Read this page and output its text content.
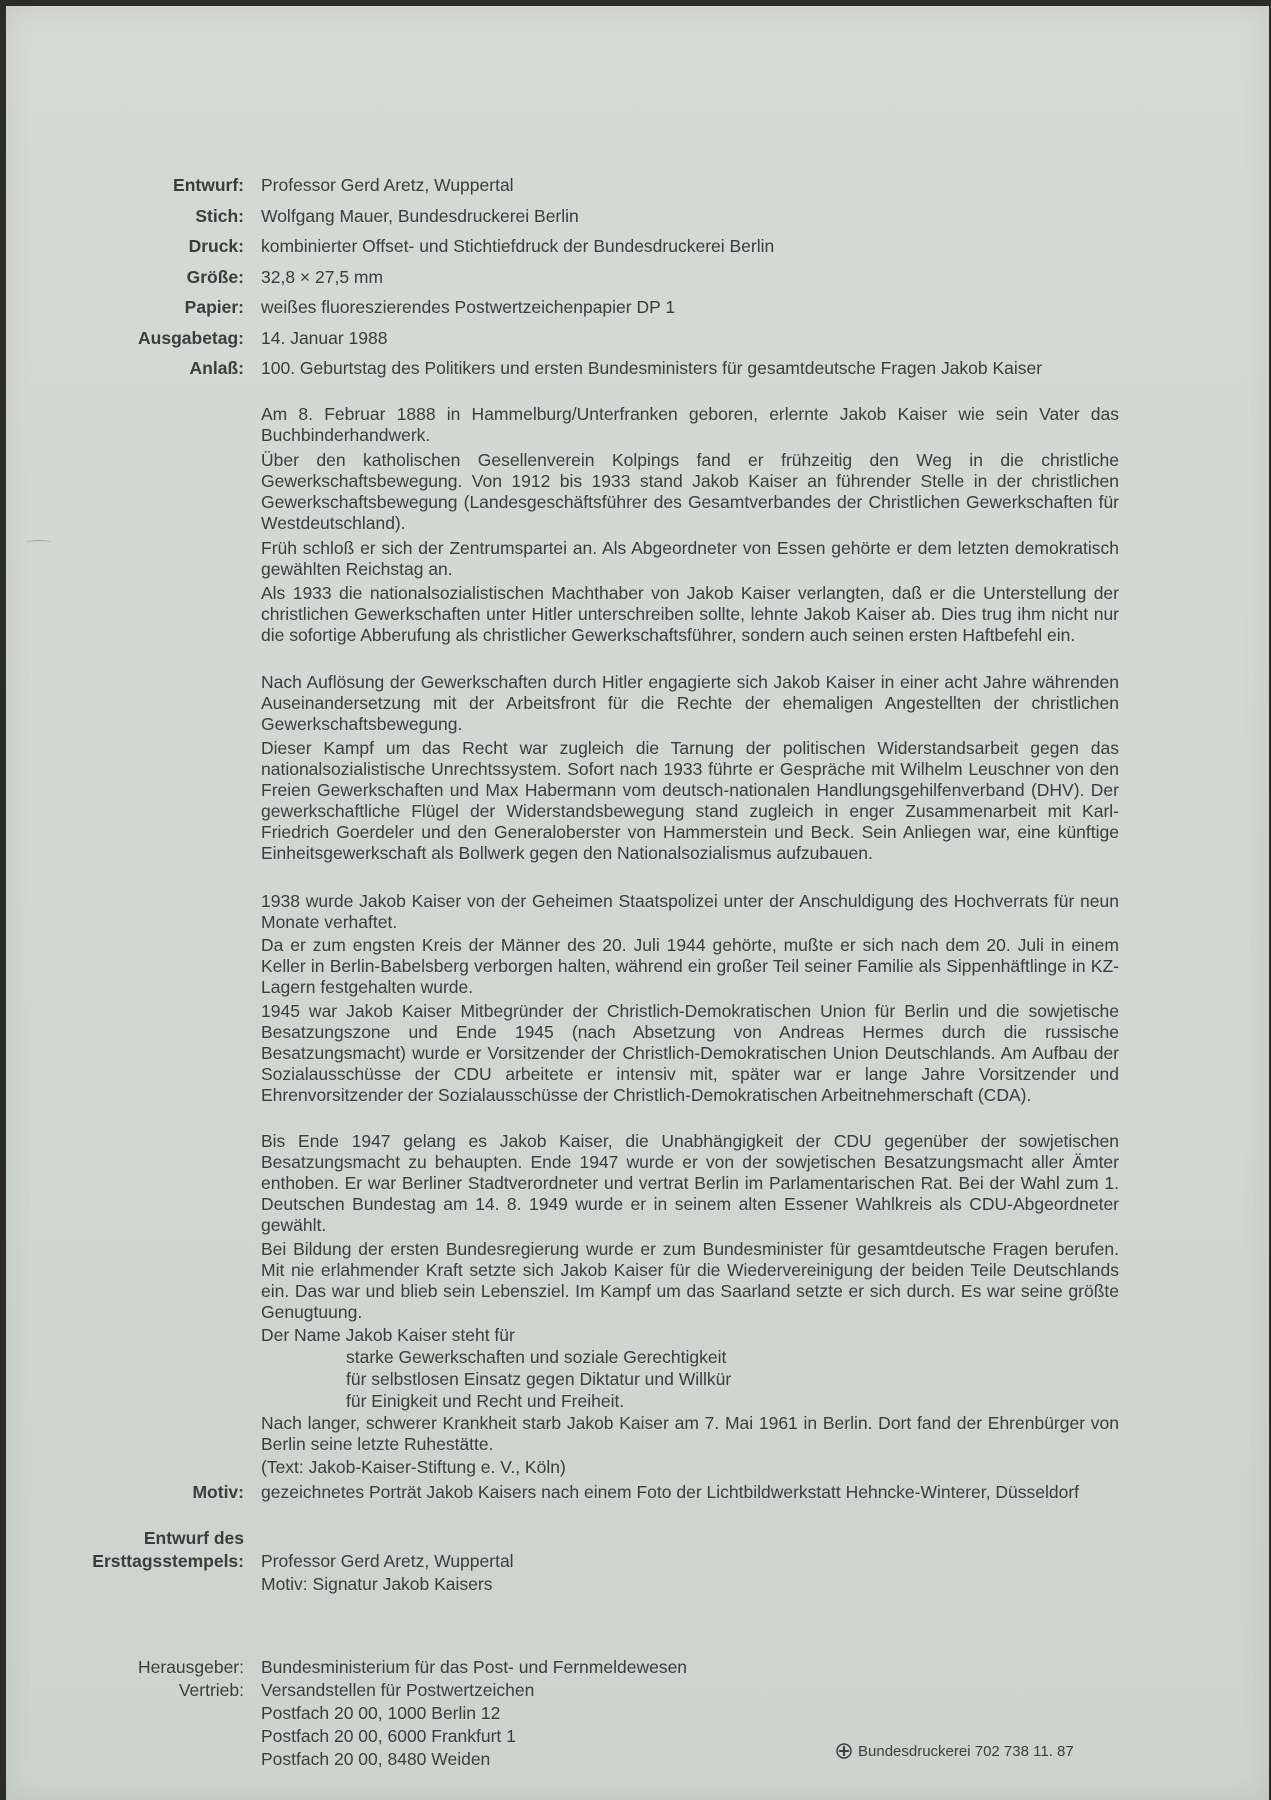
Entwurf: Professor Gerd Aretz, Wuppertal
Stich: Wolfgang Mauer, Bundesdruckerei Berlin
Druck: kombinierter Offset- und Stichtiefdruck der Bundesdruckerei Berlin
Größe: 32,8 × 27,5 mm
Papier: weißes fluoreszierendes Postwertzeichenpapier DP 1
Ausgabetag: 14. Januar 1988
Anlaß: 100. Geburtstag des Politikers und ersten Bundesministers für gesamtdeutsche Fragen Jakob Kaiser
Am 8. Februar 1888 in Hammelburg/Unterfranken geboren, erlernte Jakob Kaiser wie sein Vater das Buchbinderhandwerk.
Über den katholischen Gesellenverein Kolpings fand er frühzeitig den Weg in die christliche Gewerkschaftsbewegung. Von 1912 bis 1933 stand Jakob Kaiser an führender Stelle in der christlichen Gewerkschaftsbewegung (Landesgeschäftsführer des Gesamtverbandes der Christlichen Gewerkschaften für Westdeutschland).
Früh schloß er sich der Zentrumspartei an. Als Abgeordneter von Essen gehörte er dem letzten demokratisch gewählten Reichstag an.
Als 1933 die nationalsozialistischen Machthaber von Jakob Kaiser verlangten, daß er die Unterstellung der christlichen Gewerkschaften unter Hitler unterschreiben sollte, lehnte Jakob Kaiser ab. Dies trug ihm nicht nur die sofortige Abberufung als christlicher Gewerkschaftsführer, sondern auch seinen ersten Haftbefehl ein.
Nach Auflösung der Gewerkschaften durch Hitler engagierte sich Jakob Kaiser in einer acht Jahre währenden Auseinandersetzung mit der Arbeitsfront für die Rechte der ehemaligen Angestellten der christlichen Gewerkschaftsbewegung.
Dieser Kampf um das Recht war zugleich die Tarnung der politischen Widerstandsarbeit gegen das nationalsozialistische Unrechtssystem. Sofort nach 1933 führte er Gespräche mit Wilhelm Leuschner von den Freien Gewerkschaften und Max Habermann vom deutsch-nationalen Handlungsgehilfenverband (DHV). Der gewerkschaftliche Flügel der Widerstandsbewegung stand zugleich in enger Zusammenarbeit mit Karl-Friedrich Goerdeler und den Generaloberster von Hammerstein und Beck. Sein Anliegen war, eine künftige Einheitsgewerkschaft als Bollwerk gegen den Nationalsozialismus aufzubauen.
1938 wurde Jakob Kaiser von der Geheimen Staatspolizei unter der Anschuldigung des Hochverrats für neun Monate verhaftet.
Da er zum engsten Kreis der Männer des 20. Juli 1944 gehörte, mußte er sich nach dem 20. Juli in einem Keller in Berlin-Babelsberg verborgen halten, während ein großer Teil seiner Familie als Sippenhäftlinge in KZ-Lagern festgehalten wurde.
1945 war Jakob Kaiser Mitbegründer der Christlich-Demokratischen Union für Berlin und die sowjetische Besatzungszone und Ende 1945 (nach Absetzung von Andreas Hermes durch die russische Besatzungsmacht) wurde er Vorsitzender der Christlich-Demokratischen Union Deutschlands. Am Aufbau der Sozialausschüsse der CDU arbeitete er intensiv mit, später war er lange Jahre Vorsitzender und Ehrenvorsitzender der Sozialausschüsse der Christlich-Demokratischen Arbeitnehmerschaft (CDA).
Bis Ende 1947 gelang es Jakob Kaiser, die Unabhängigkeit der CDU gegenüber der sowjetischen Besatzungsmacht zu behaupten. Ende 1947 wurde er von der sowjetischen Besatzungsmacht aller Ämter enthoben. Er war Berliner Stadtverordneter und vertrat Berlin im Parlamentarischen Rat. Bei der Wahl zum 1. Deutschen Bundestag am 14. 8. 1949 wurde er in seinem alten Essener Wahlkreis als CDU-Abgeordneter gewählt.
Bei Bildung der ersten Bundesregierung wurde er zum Bundesminister für gesamtdeutsche Fragen berufen. Mit nie erlahmender Kraft setzte sich Jakob Kaiser für die Wiedervereinigung der beiden Teile Deutschlands ein. Das war und blieb sein Lebensziel. Im Kampf um das Saarland setzte er sich durch. Es war seine größte Genugtuung.
Der Name Jakob Kaiser steht für
starke Gewerkschaften und soziale Gerechtigkeit
für selbstlosen Einsatz gegen Diktatur und Willkür
für Einigkeit und Recht und Freiheit.
Nach langer, schwerer Krankheit starb Jakob Kaiser am 7. Mai 1961 in Berlin. Dort fand der Ehrenbürger von Berlin seine letzte Ruhestätte.
(Text: Jakob-Kaiser-Stiftung e. V., Köln)
Motiv: gezeichnetes Porträt Jakob Kaisers nach einem Foto der Lichtbildwerkstatt Hehncke-Winterer, Düsseldorf
Entwurf des
Ersttagsstempels: Professor Gerd Aretz, Wuppertal
Motiv: Signatur Jakob Kaisers
Herausgeber: Bundesministerium für das Post- und Fernmeldewesen
Vertrieb: Versandstellen für Postwertzeichen
Postfach 20 00, 1000 Berlin 12
Postfach 20 00, 6000 Frankfurt 1
Postfach 20 00, 8480 Weiden	Bundesdruckerei 702 738 11. 87
